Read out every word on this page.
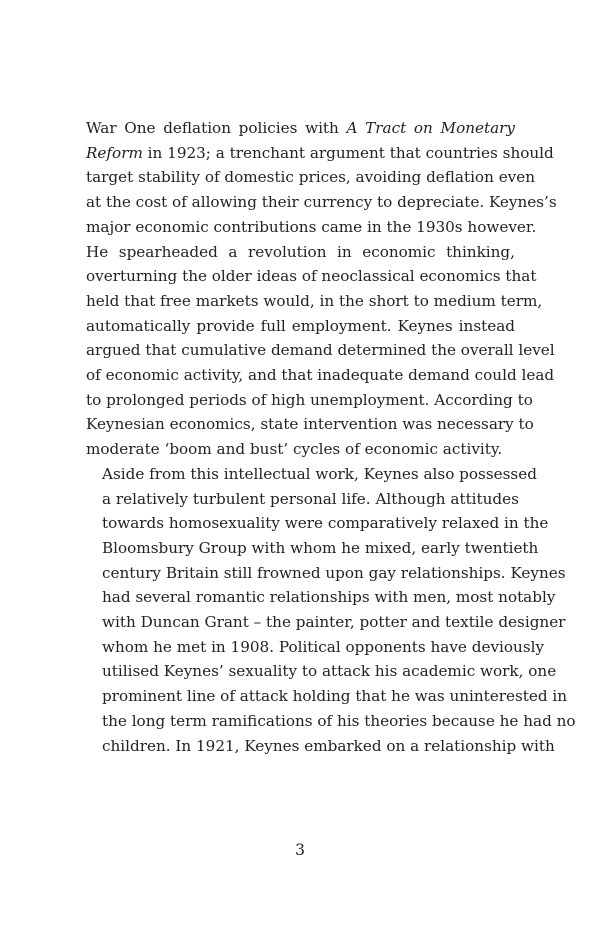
War One deflation policies with A Tract on Monetary
Reform in 1923; a trenchant argument that countries should
target stability of domestic prices, avoiding deflation even
at the cost of allowing their currency to depreciate. Keynes’s
major economic contributions came in the 1930s however.
He spearheaded a revolution in economic thinking,
overturning the older ideas of neoclassical economics that
held that free markets would, in the short to medium term,
automatically provide full employment. Keynes instead
argued that cumulative demand determined the overall level
of economic activity, and that inadequate demand could lead
to prolonged periods of high unemployment. According to
Keynesian economics, state intervention was necessary to
moderate ‘boom and bust’ cycles of economic activity.

Aside from this intellectual work, Keynes also possessed
a relatively turbulent personal life. Although attitudes
towards homosexuality were comparatively relaxed in the
Bloomsbury Group with whom he mixed, early twentieth
century Britain still frowned upon gay relationships. Keynes
had several romantic relationships with men, most notably
with Duncan Grant – the painter, potter and textile designer
whom he met in 1908. Political opponents have deviously
utilised Keynes’ sexuality to attack his academic work, one
prominent line of attack holding that he was uninterested in
the long term ramifications of his theories because he had no
children. In 1921, Keynes embarked on a relationship with

3
